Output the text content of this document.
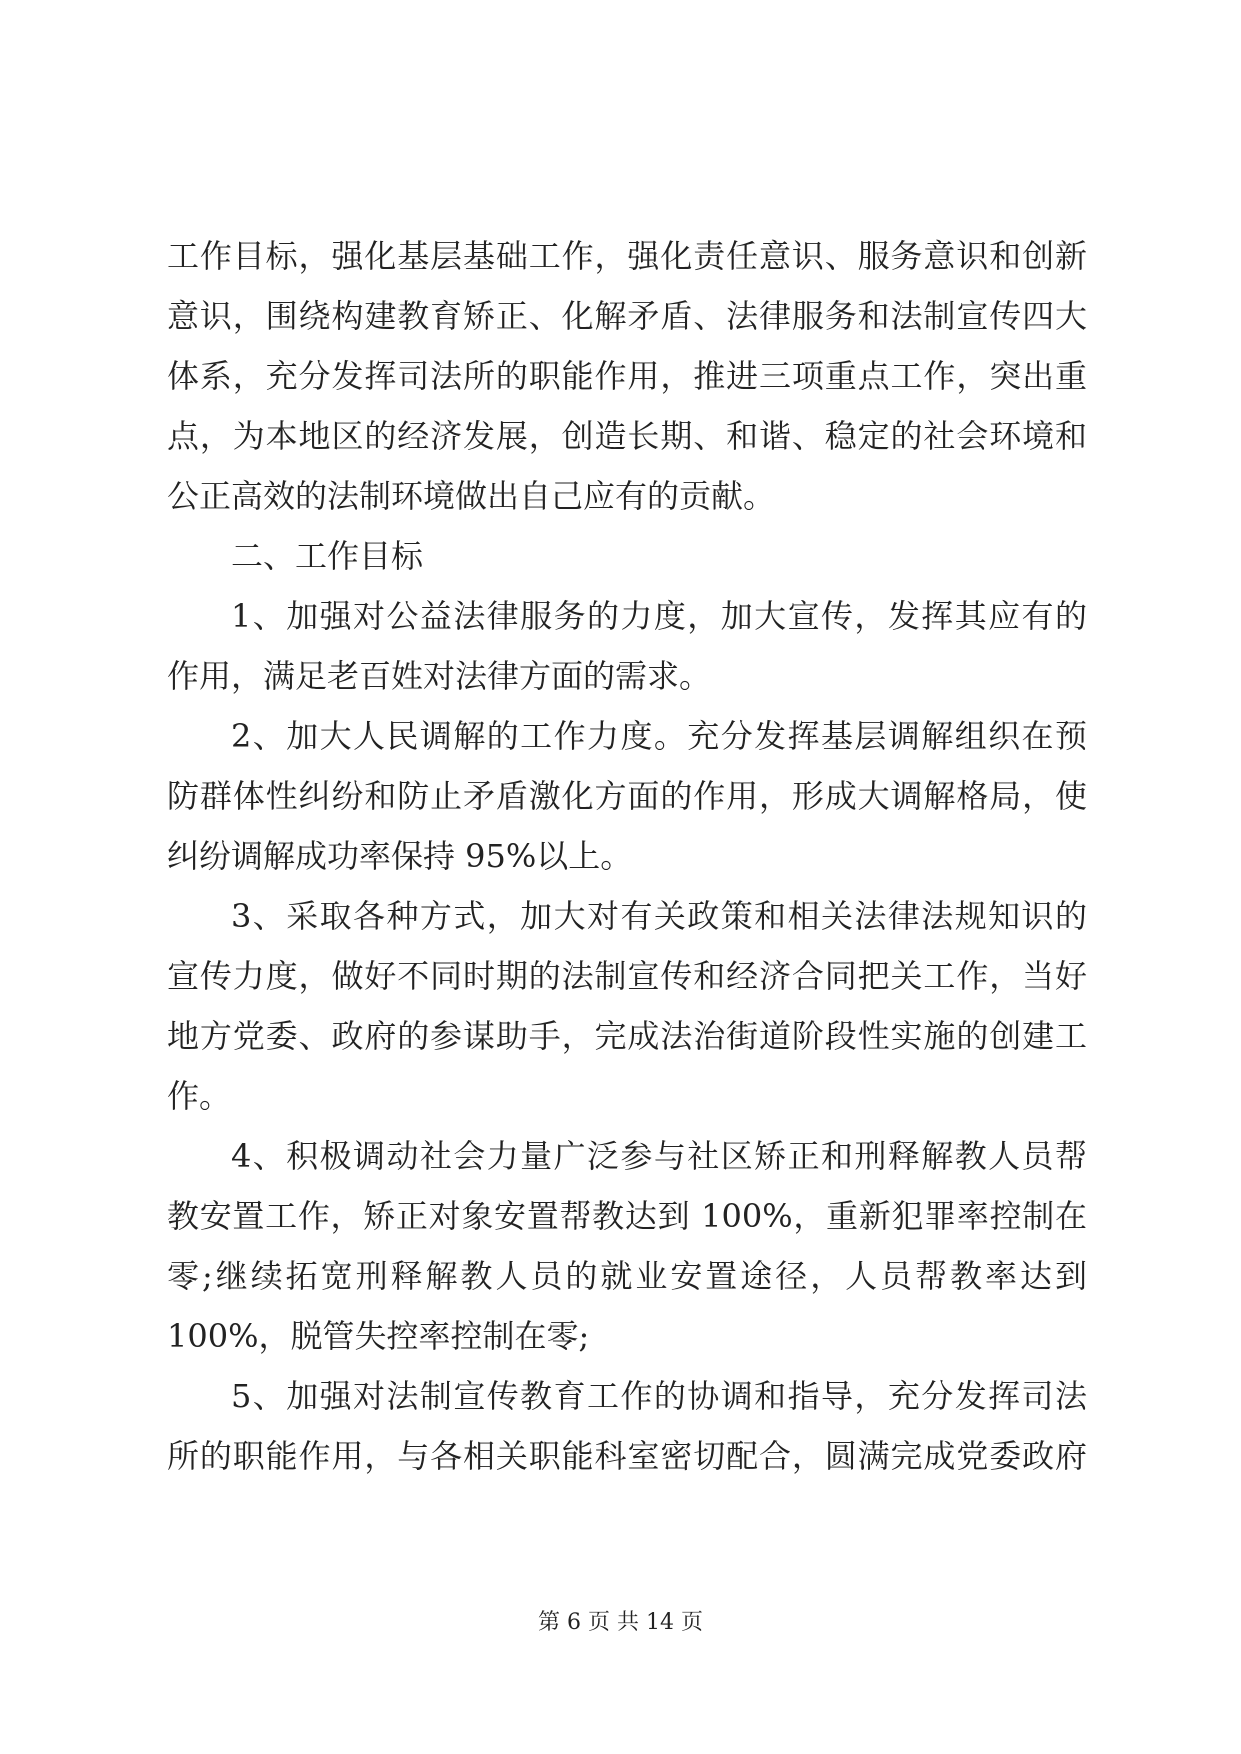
工作目标，强化基层基础工作，强化责任意识、服务意识和创新
意识，围绕构建教育矫正、化解矛盾、法律服务和法制宣传四大
体系，充分发挥司法所的职能作用，推进三项重点工作，突出重
点，为本地区的经济发展，创造长期、和谐、稳定的社会环境和
公正高效的法制环境做出自己应有的贡献。
二、工作目标
1、加强对公益法律服务的力度，加大宣传，发挥其应有的
作用，满足老百姓对法律方面的需求。
2、加大人民调解的工作力度。充分发挥基层调解组织在预
防群体性纠纷和防止矛盾激化方面的作用，形成大调解格局，使
纠纷调解成功率保持 95%以上。
3、采取各种方式，加大对有关政策和相关法律法规知识的
宣传力度，做好不同时期的法制宣传和经济合同把关工作，当好
地方党委、政府的参谋助手，完成法治街道阶段性实施的创建工
作。
4、积极调动社会力量广泛参与社区矫正和刑释解教人员帮
教安置工作，矫正对象安置帮教达到 100%，重新犯罪率控制在
零;继续拓宽刑释解教人员的就业安置途径，人员帮教率达到
100%，脱管失控率控制在零;
5、加强对法制宣传教育工作的协调和指导，充分发挥司法
所的职能作用，与各相关职能科室密切配合，圆满完成党委政府
第 6 页 共 14 页
